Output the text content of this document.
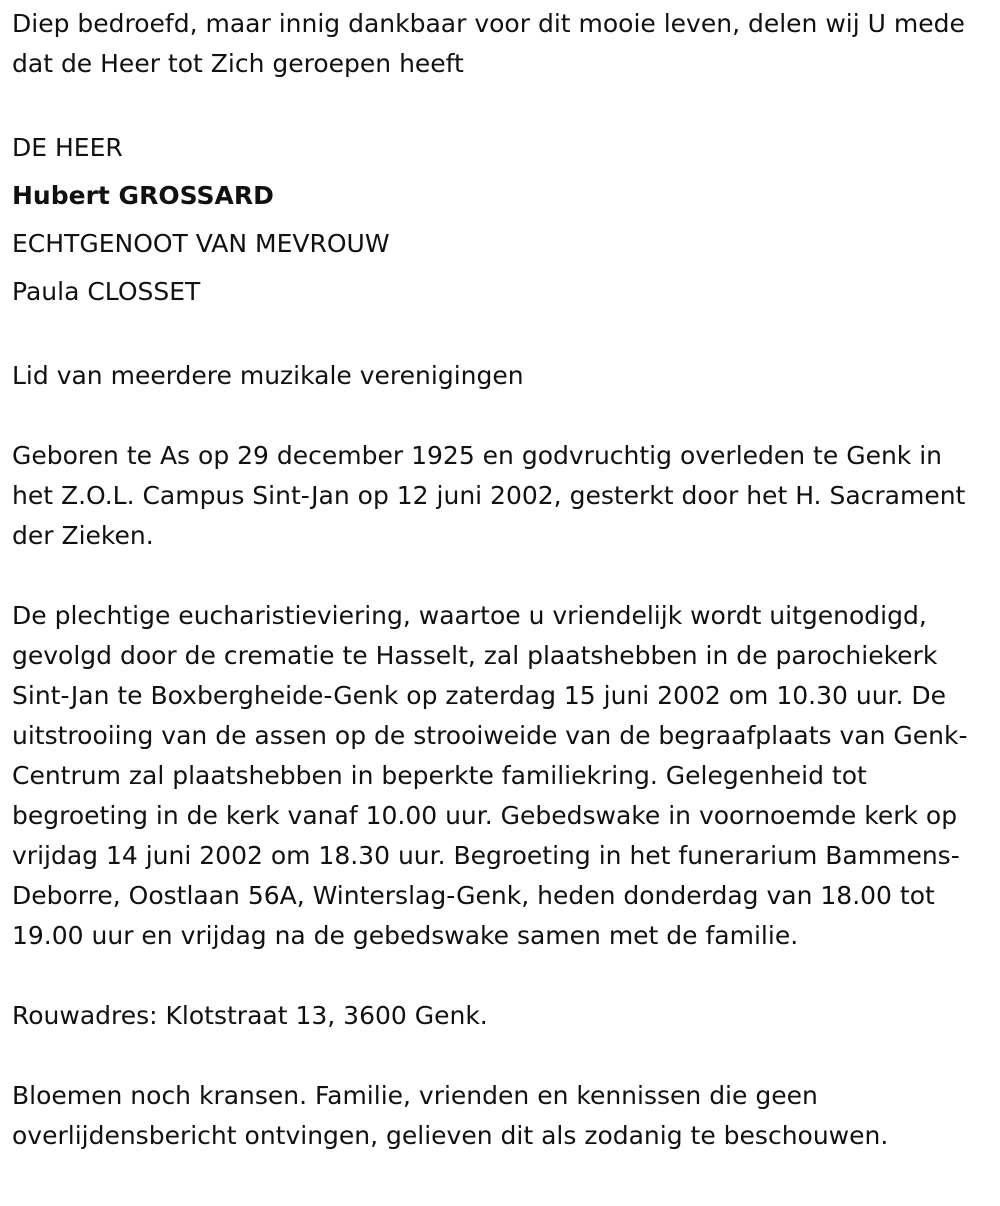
Diep bedroefd, maar innig dankbaar voor dit mooie leven, delen wij U mede dat de Heer tot Zich geroepen heeft

DE HEER

Hubert GROSSARD

ECHTGENOOT VAN MEVROUW

Paula CLOSSET

Lid van meerdere muzikale verenigingen

Geboren te As op 29 december 1925 en godvruchtig overleden te Genk in het Z.O.L. Campus Sint-Jan op 12 juni 2002, gesterkt door het H. Sacrament der Zieken.

De plechtige eucharistieviering, waartoe u vriendelijk wordt uitgenodigd, gevolgd door de crematie te Hasselt, zal plaatshebben in de parochiekerk Sint-Jan te Boxbergheide-Genk op zaterdag 15 juni 2002 om 10.30 uur. De uitstrooiing van de assen op de strooiweide van de begraafplaats van Genk-Centrum zal plaatshebben in beperkte familiekring. Gelegenheid tot begroeting in de kerk vanaf 10.00 uur. Gebedswake in voornoemde kerk op vrijdag 14 juni 2002 om 18.30 uur. Begroeting in het funerarium Bammens-Deborre, Oostlaan 56A, Winterslag-Genk, heden donderdag van 18.00 tot 19.00 uur en vrijdag na de gebedswake samen met de familie.

Rouwadres: Klotstraat 13, 3600 Genk.

Bloemen noch kransen. Familie, vrienden en kennissen die geen overlijdensbericht ontvingen, gelieven dit als zodanig te beschouwen.
